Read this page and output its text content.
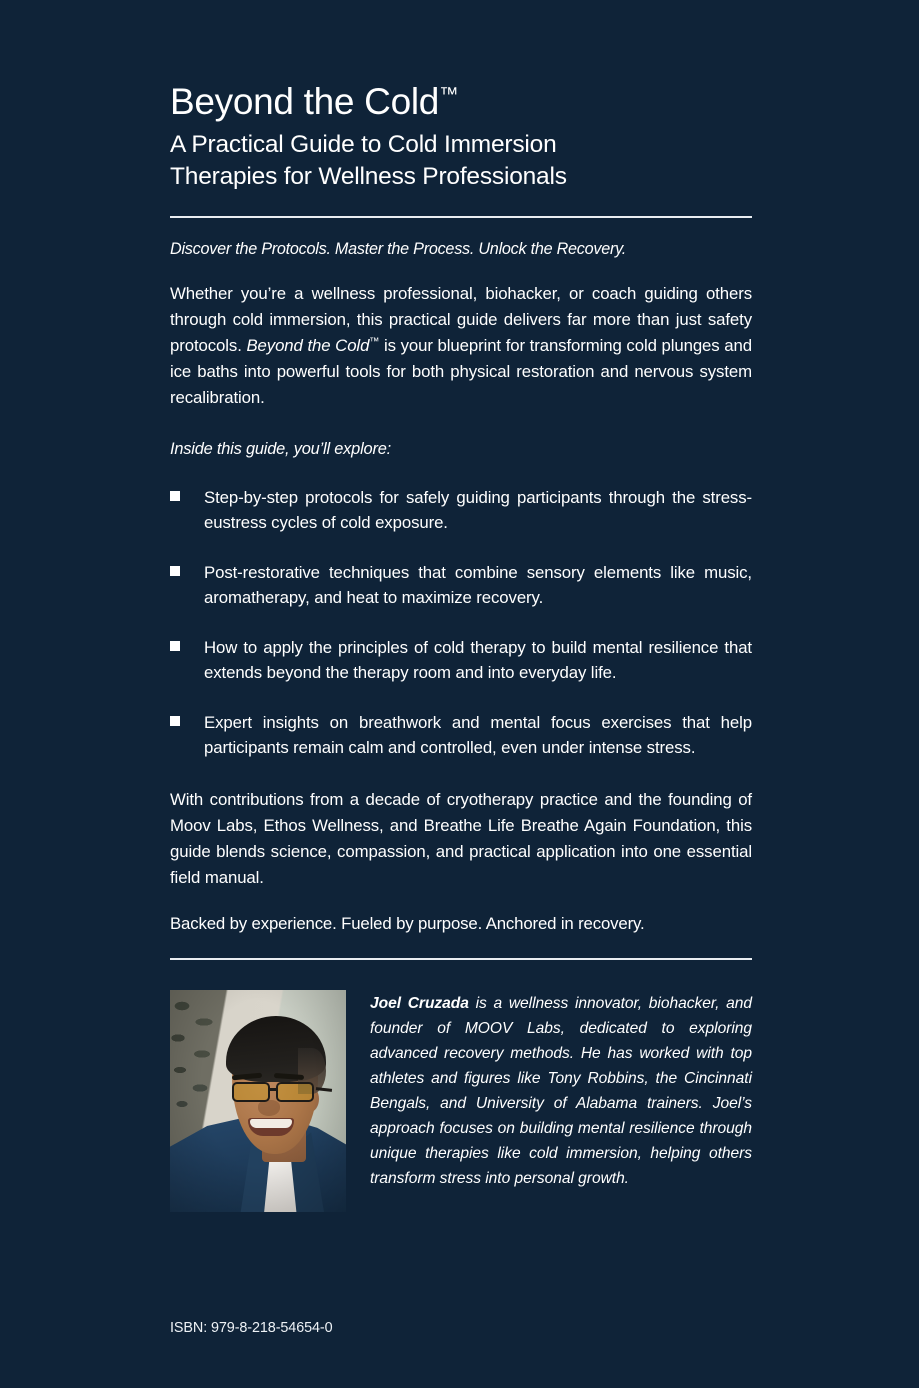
Beyond the Cold™
A Practical Guide to Cold Immersion
Therapies for Wellness Professionals
Discover the Protocols. Master the Process. Unlock the Recovery.
Whether you’re a wellness professional, biohacker, or coach guiding others through cold immersion, this practical guide delivers far more than just safety protocols. Beyond the Cold™ is your blueprint for transforming cold plunges and ice baths into powerful tools for both physical restoration and nervous system recalibration.
Inside this guide, you’ll explore:
Step-by-step protocols for safely guiding participants through the stress-eustress cycles of cold exposure.
Post-restorative techniques that combine sensory elements like music, aromatherapy, and heat to maximize recovery.
How to apply the principles of cold therapy to build mental resilience that extends beyond the therapy room and into everyday life.
Expert insights on breathwork and mental focus exercises that help participants remain calm and controlled, even under intense stress.
With contributions from a decade of cryotherapy practice and the founding of Moov Labs, Ethos Wellness, and Breathe Life Breathe Again Foundation, this guide blends science, compassion, and practical application into one essential field manual.
Backed by experience. Fueled by purpose. Anchored in recovery.
Joel Cruzada is a wellness innovator, biohacker, and founder of MOOV Labs, dedicated to exploring advanced recovery methods. He has worked with top athletes and figures like Tony Robbins, the Cincinnati Bengals, and University of Alabama trainers. Joel’s approach focuses on building mental resilience through unique therapies like cold immersion, helping others transform stress into personal growth.
ISBN: 979-8-218-54654-0
